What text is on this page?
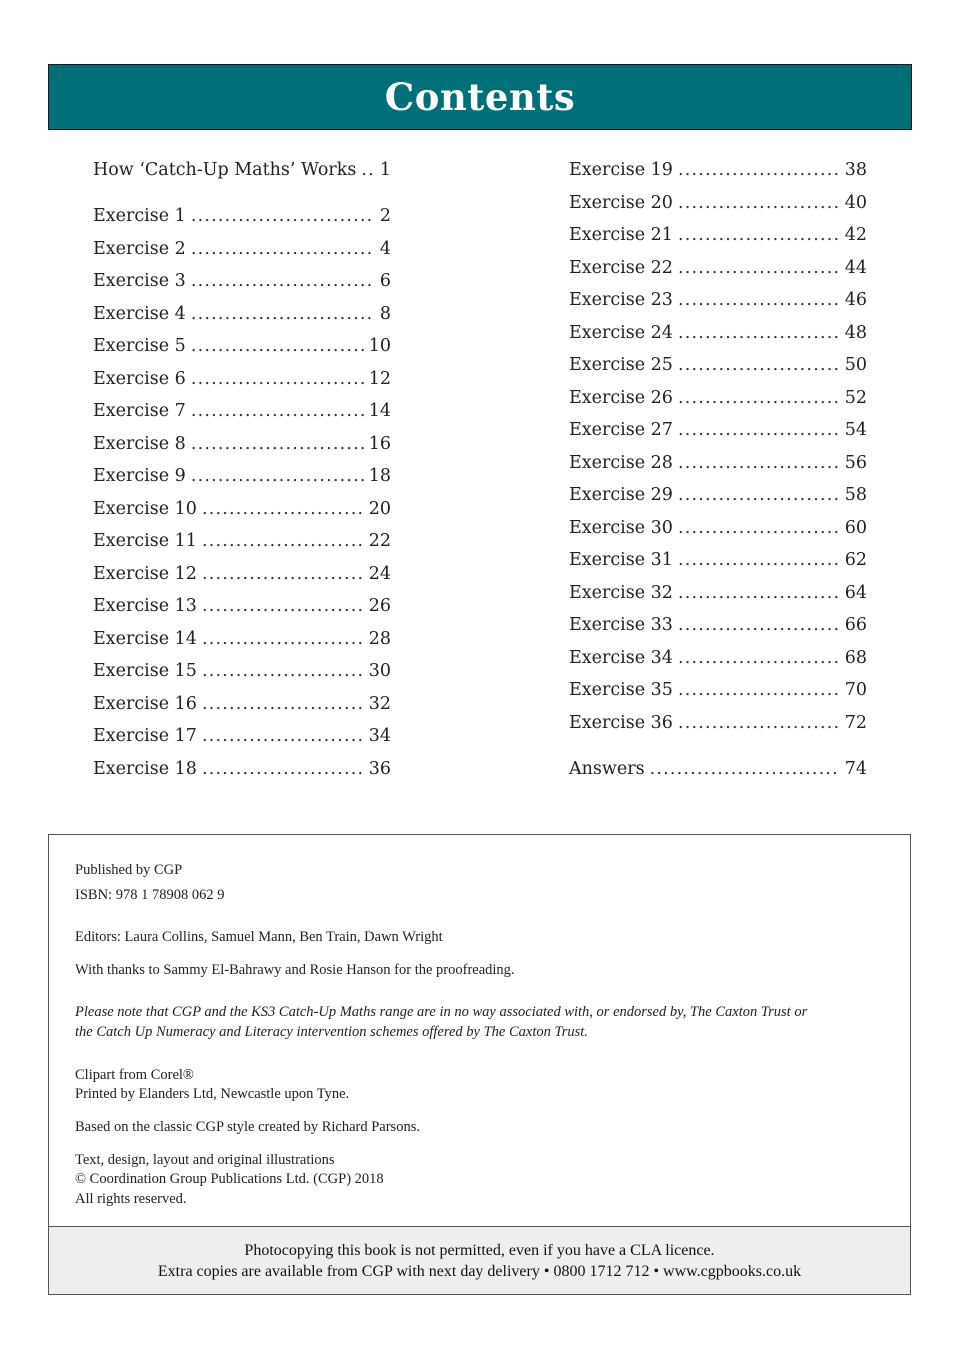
Contents
How ‘Catch-Up Maths’ Works ..... 1
Exercise 1 .....	2
Exercise 2 .....	4
Exercise 3 .....	6
Exercise 4 .....	8
Exercise 5 .....	10
Exercise 6 .....	12
Exercise 7 .....	14
Exercise 8 .....	16
Exercise 9 .....	18
Exercise 10 .....	20
Exercise 11 .....	22
Exercise 12 .....	24
Exercise 13 .....	26
Exercise 14 .....	28
Exercise 15 .....	30
Exercise 16 .....	32
Exercise 17 .....	34
Exercise 18 .....	36
Exercise 19 .....	38
Exercise 20 .....	40
Exercise 21 .....	42
Exercise 22 .....	44
Exercise 23 .....	46
Exercise 24 .....	48
Exercise 25 .....	50
Exercise 26 .....	52
Exercise 27 .....	54
Exercise 28 .....	56
Exercise 29 .....	58
Exercise 30 .....	60
Exercise 31 .....	62
Exercise 32 .....	64
Exercise 33 .....	66
Exercise 34 .....	68
Exercise 35 .....	70
Exercise 36 .....	72
Answers .....	74
Published by CGP
ISBN: 978 1 78908 062 9
Editors: Laura Collins, Samuel Mann, Ben Train, Dawn Wright
With thanks to Sammy El-Bahrawy and Rosie Hanson for the proofreading.
Please note that CGP and the KS3 Catch-Up Maths range are in no way associated with, or endorsed by, The Caxton Trust or
the Catch Up Numeracy and Literacy intervention schemes offered by The Caxton Trust.
Clipart from Corel®
Printed by Elanders Ltd, Newcastle upon Tyne.
Based on the classic CGP style created by Richard Parsons.
Text, design, layout and original illustrations
© Coordination Group Publications Ltd. (CGP) 2018
All rights reserved.
Photocopying this book is not permitted, even if you have a CLA licence.
Extra copies are available from CGP with next day delivery • 0800 1712 712 • www.cgpbooks.co.uk
